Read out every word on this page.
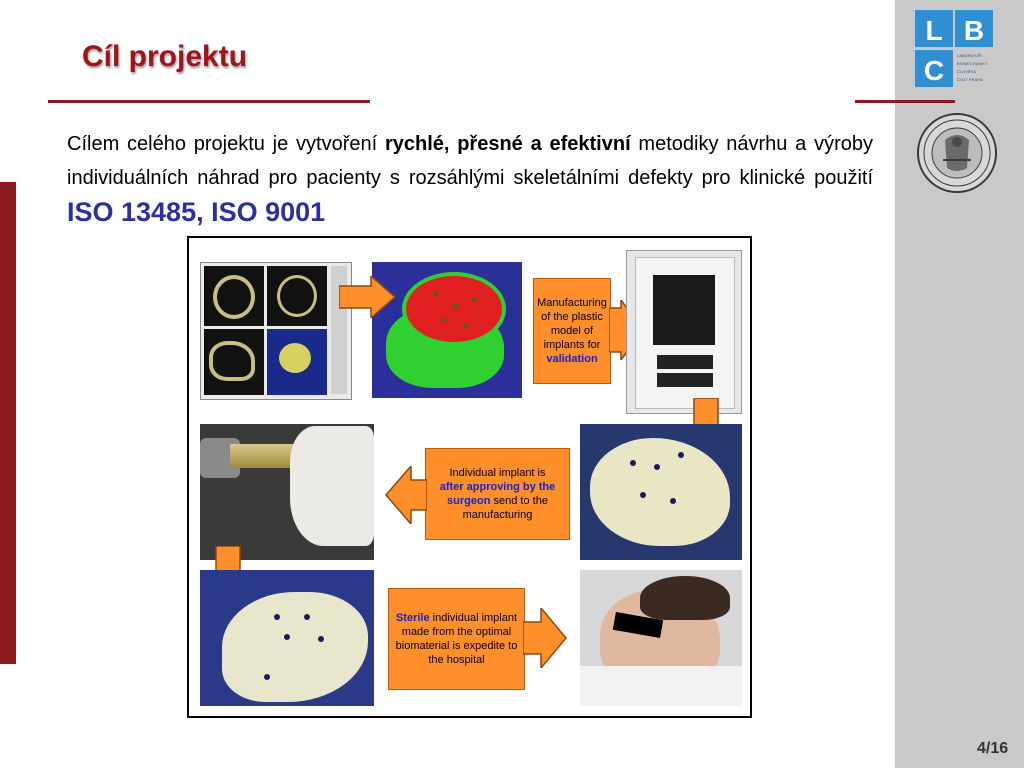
L B
C	LABORATOŘ
BIOMECHANIKY
ČLOVĚKA
ČVUT PRAHA
Cíl projektu
Cílem celého projektu je vytvoření rychlé, přesné a efektivní metodiky návrhu a výroby individuálních náhrad pro pacienty s rozsáhlými skeletálními defekty pro klinické použití ISO 13485, ISO 9001
Manufacturing of the plastic model of implants for
validation
Individual implant is
after approving by the surgeon send to the manufacturing
Sterile individual implant made from the optimal biomaterial is expedite to the hospital
4/16
